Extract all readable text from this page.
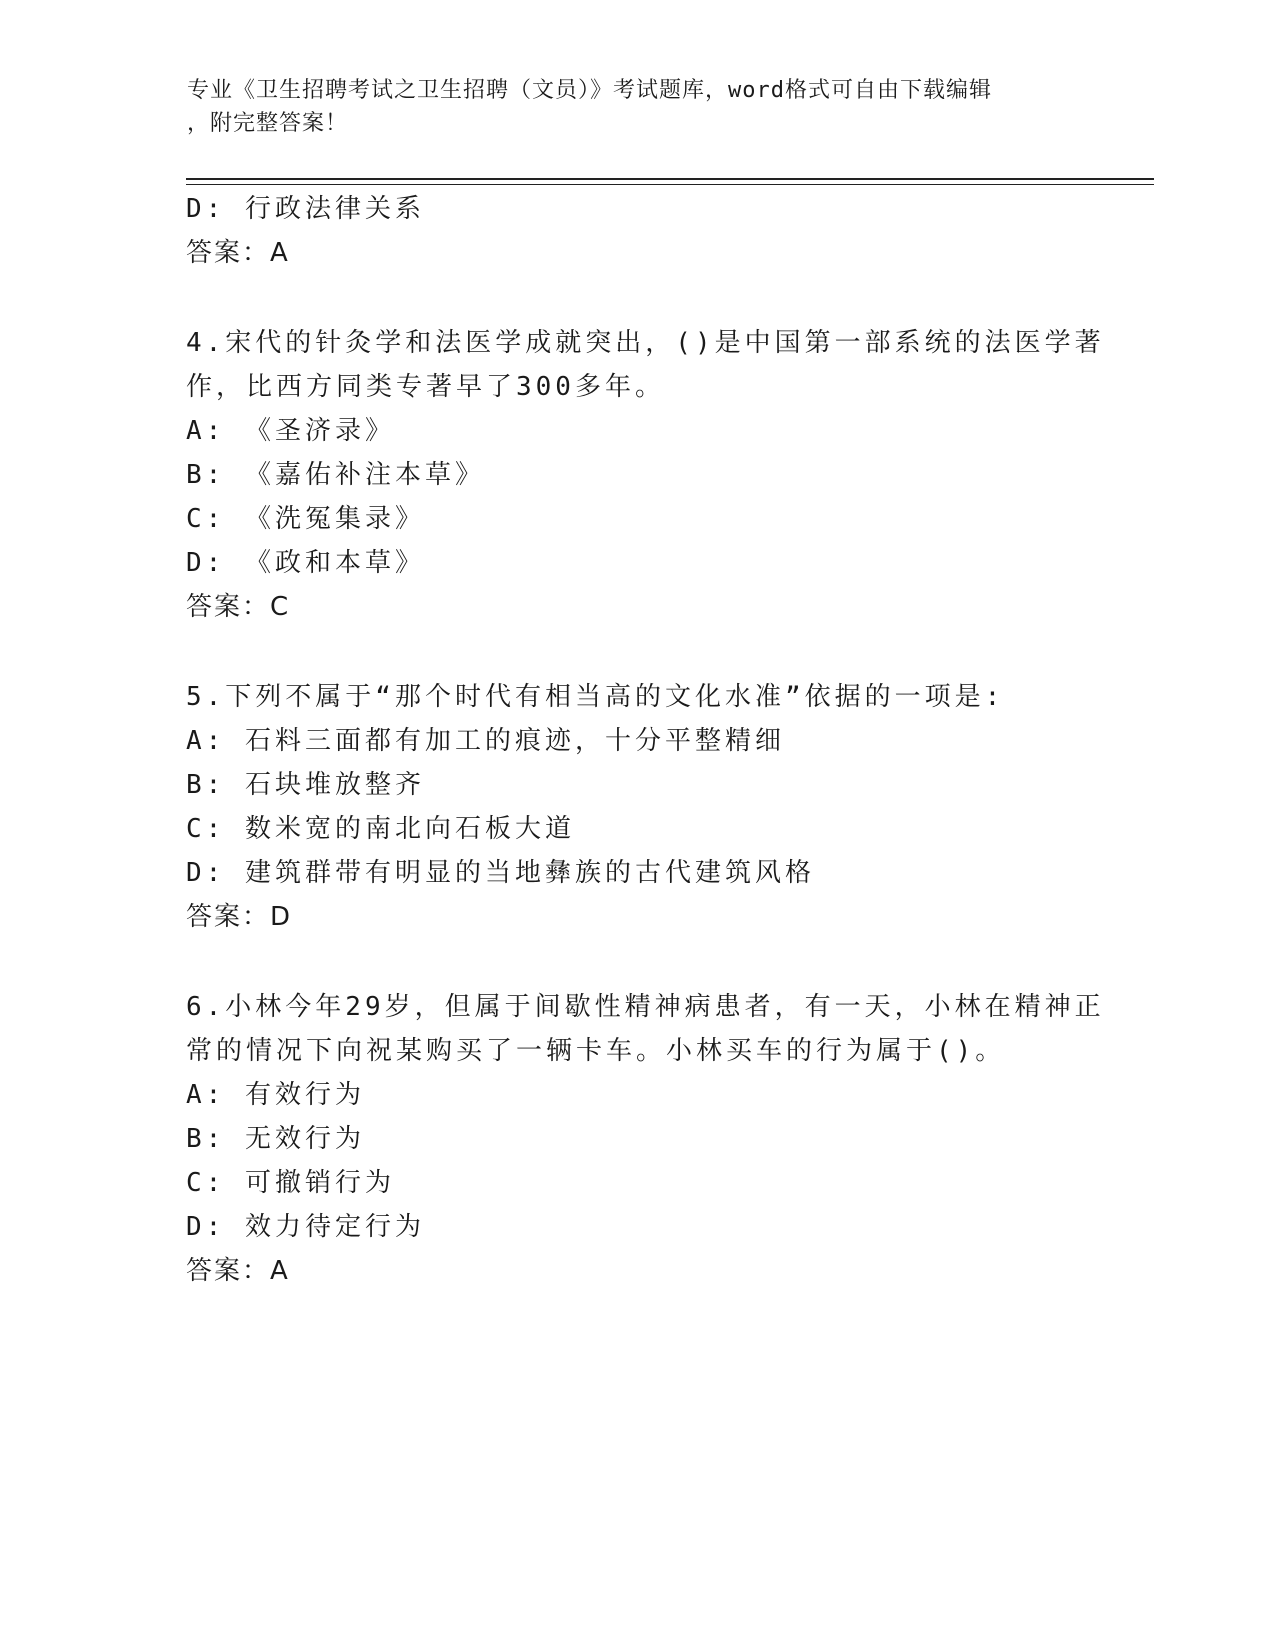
专业《卫生招聘考试之卫生招聘（文员）》考试题库，word格式可自由下载编辑

，附完整答案！

D: 行政法律关系
答案：A
4.宋代的针灸学和法医学成就突出，()是中国第一部系统的法医学著
作，比西方同类专著早了300多年。
A: 《圣济录》
B: 《嘉佑补注本草》
C: 《洗冤集录》
D: 《政和本草》
答案：C
5.下列不属于“那个时代有相当高的文化水准”依据的一项是:
A: 石料三面都有加工的痕迹，十分平整精细
B: 石块堆放整齐
C: 数米宽的南北向石板大道
D: 建筑群带有明显的当地彝族的古代建筑风格
答案：D
6.小林今年29岁，但属于间歇性精神病患者，有一天，小林在精神正
常的情况下向祝某购买了一辆卡车。小林买车的行为属于()。
A: 有效行为
B: 无效行为
C: 可撤销行为
D: 效力待定行为
答案：A
